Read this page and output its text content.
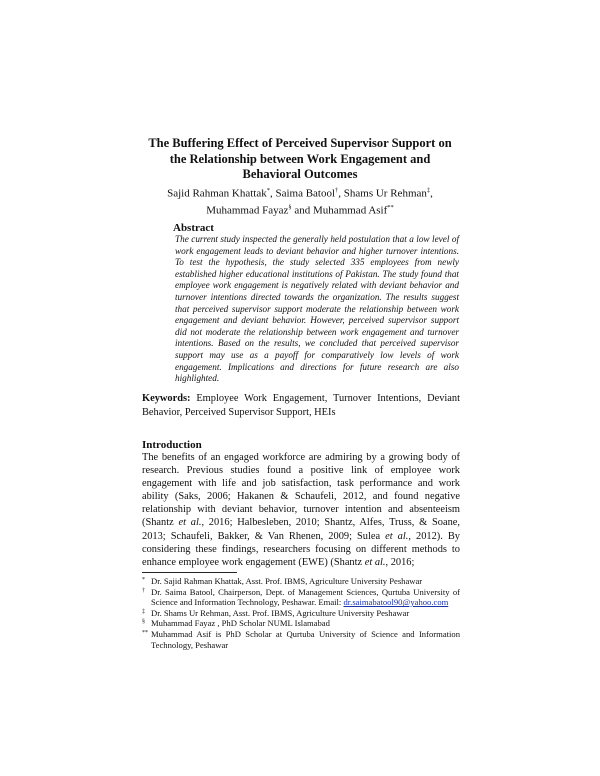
The Buffering Effect of Perceived Supervisor Support on the Relationship between Work Engagement and Behavioral Outcomes
Sajid Rahman Khattak*, Saima Batool†, Shams Ur Rehman‡, Muhammad Fayaz§ and Muhammad Asif**
Abstract
The current study inspected the generally held postulation that a low level of work engagement leads to deviant behavior and higher turnover intentions. To test the hypothesis, the study selected 335 employees from newly established higher educational institutions of Pakistan. The study found that employee work engagement is negatively related with deviant behavior and turnover intentions directed towards the organization. The results suggest that perceived supervisor support moderate the relationship between work engagement and deviant behavior. However, perceived supervisor support did not moderate the relationship between work engagement and turnover intentions. Based on the results, we concluded that perceived supervisor support may use as a payoff for comparatively low levels of work engagement. Implications and directions for future research are also highlighted.
Keywords: Employee Work Engagement, Turnover Intentions, Deviant Behavior, Perceived Supervisor Support, HEIs
Introduction
The benefits of an engaged workforce are admiring by a growing body of research. Previous studies found a positive link of employee work engagement with life and job satisfaction, task performance and work ability (Saks, 2006; Hakanen & Schaufeli, 2012, and found negative relationship with deviant behavior, turnover intention and absenteeism (Shantz et al., 2016; Halbesleben, 2010; Shantz, Alfes, Truss, & Soane, 2013; Schaufeli, Bakker, & Van Rhenen, 2009; Sulea et al., 2012). By considering these findings, researchers focusing on different methods to enhance employee work engagement (EWE) (Shantz et al., 2016;
* Dr. Sajid Rahman Khattak, Asst. Prof. IBMS, Agriculture University Peshawar
† Dr. Saima Batool, Chairperson, Dept. of Management Sciences, Qurtuba University of Science and Information Technology, Peshawar. Email: dr.saimabatool90@yahoo.com
‡ Dr. Shams Ur Rehman, Asst. Prof. IBMS, Agriculture University Peshawar
§ Muhammad Fayaz , PhD Scholar NUML Islamabad
** Muhammad Asif is PhD Scholar at Qurtuba University of Science and Information Technology, Peshawar
